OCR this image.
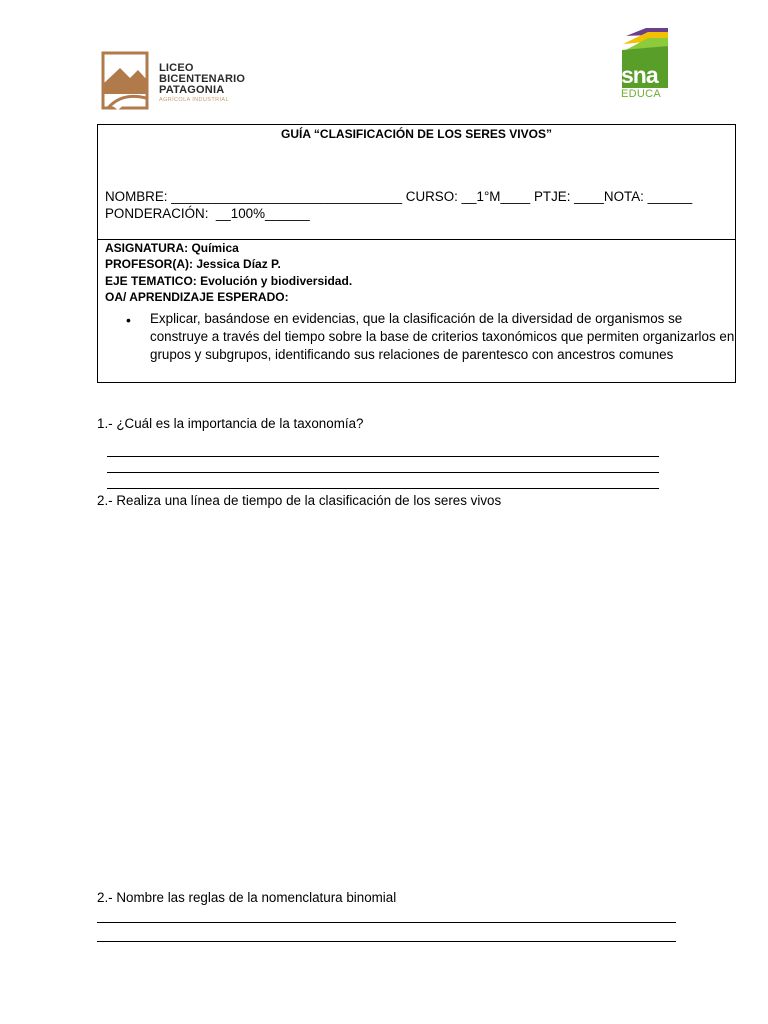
LICEO
BICENTENARIO
PATAGONIA
AGRÍCOLA INDUSTRIAL
sna
EDUCA
GUÍA “CLASIFICACIÓN DE LOS SERES VIVOS”
NOMBRE: _______________________________ CURSO: __1°M____ PTJE: ____NOTA: ______
PONDERACIÓN:  __100%______
ASIGNATURA: Química
PROFESOR(A): Jessica Díaz P.
EJE TEMATICO: Evolución y biodiversidad.
OA/ APRENDIZAJE ESPERADO:
• Explicar, basándose en evidencias, que la clasificación de la diversidad de organismos se construye a través del tiempo sobre la base de criterios taxonómicos que permiten organizarlos en grupos y subgrupos, identificando sus relaciones de parentesco con ancestros comunes
1.- ¿Cuál es la importancia de la taxonomía?
2.- Realiza una línea de tiempo de la clasificación de los seres vivos
2.- Nombre las reglas de la nomenclatura binomial
